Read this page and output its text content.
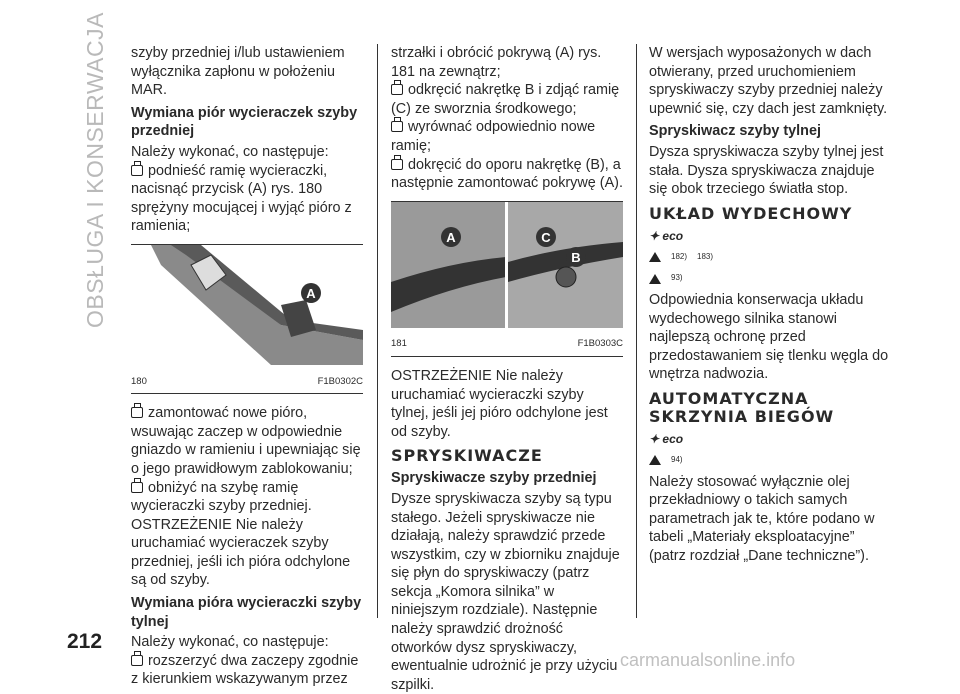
OBSŁUGA I KONSERWACJA szyby przedniej i/lub ustawieniem wyłącznika zapłonu w położeniu MAR.

Wymiana piór wycieraczek szyby przedniej

Należy wykonać, co następuje:

podnieść ramię wycieraczki, nacisnąć przycisk (A) rys. 180 sprężyny mocującej i wyjąć pióro z ramienia;

A
180	F1B0302C

zamontować nowe pióro, wsuwając zaczep w odpowiednie gniazdo w ramieniu i upewniając się o jego prawidłowym zablokowaniu;

obniżyć na szybę ramię wycieraczki szyby przedniej.

OSTRZEŻENIE Nie należy uruchamiać wycieraczek szyby przedniej, jeśli ich pióra odchylone są od szyby.

Wymiana pióra wycieraczki szyby tylnej

Należy wykonać, co następuje:

rozszerzyć dwa zaczepy zgodnie z kierunkiem wskazywanym przez

strzałki i obrócić pokrywą (A) rys. 181 na zewnątrz;

odkręcić nakrętkę B i zdjąć ramię (C) ze sworznia środkowego;

wyrównać odpowiednio nowe ramię;

dokręcić do oporu nakrętkę (B), a następnie zamontować pokrywę (A).

A	C
B
181	F1B0303C

OSTRZEŻENIE Nie należy uruchamiać wycieraczki szyby tylnej, jeśli jej pióro odchylone jest od szyby.

SPRYSKIWACZE
Spryskiwacze szyby przedniej

Dysze spryskiwacza szyby są typu stałego. Jeżeli spryskiwacze nie działają, należy sprawdzić przede wszystkim, czy w zbiorniku znajduje się płyn do spryskiwaczy (patrz sekcja „Komora silnika” w niniejszym rozdziale). Następnie należy sprawdzić drożność otworków dysz spryskiwaczy, ewentualnie udrożnić je przy użyciu szpilki.

W wersjach wyposażonych w dach otwierany, przed uruchomieniem spryskiwaczy szyby przedniej należy upewnić się, czy dach jest zamknięty.

Spryskiwacz szyby tylnej

Dysza spryskiwacza szyby tylnej jest stała. Dysza spryskiwacza znajduje się obok trzeciego światła stop.

UKŁAD WYDECHOWY
✦ eco
182) 183)
93)

Odpowiednia konserwacja układu wydechowego silnika stanowi najlepszą ochronę przed przedostawaniem się tlenku węgla do wnętrza nadwozia.

AUTOMATYCZNA
SKRZYNIA BIEGÓW
✦ eco
94)

Należy stosować wyłącznie olej przekładniowy o takich samych parametrach jak te, które podano w tabeli „Materiały eksploatacyjne” (patrz rozdział „Dane techniczne”).

212
carmanualsonline.info
